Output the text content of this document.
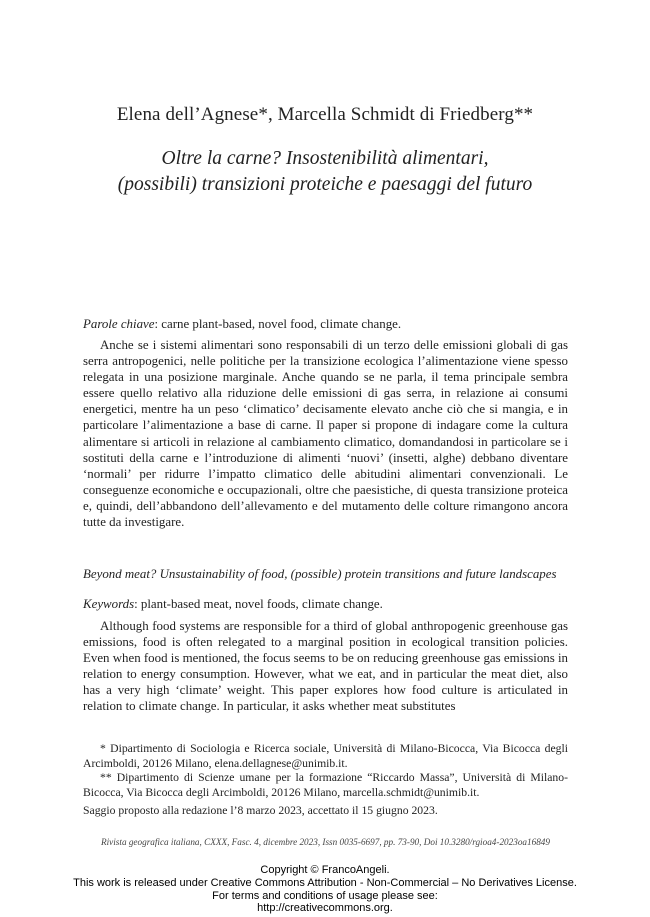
Elena dell’Agnese*, Marcella Schmidt di Friedberg**
Oltre la carne? Insostenibilità alimentari,
(possibili) transizioni proteiche e paesaggi del futuro
Parole chiave: carne plant-based, novel food, climate change.

Anche se i sistemi alimentari sono responsabili di un terzo delle emissioni globali di gas serra antropogenici, nelle politiche per la transizione ecologica l’alimentazione viene spesso relegata in una posizione marginale. Anche quando se ne parla, il tema principale sembra essere quello relativo alla riduzione delle emissioni di gas serra, in relazione ai consumi energetici, mentre ha un peso ‘climatico’ decisamente elevato anche ciò che si mangia, e in particolare l’alimentazione a base di carne. Il paper si propone di indagare come la cultura alimentare si articoli in relazione al cambiamento climatico, domandandosi in particolare se i sostituti della carne e l’introduzione di alimenti ‘nuovi’ (insetti, alghe) debbano diventare ‘normali’ per ridurre l’impatto climatico delle abitudini alimentari convenzionali. Le conseguenze economiche e occupazionali, oltre che paesistiche, di questa transizione proteica e, quindi, dell’abbandono dell’allevamento e del mutamento delle colture rimangono ancora tutte da investigare.

Beyond meat? Unsustainability of food, (possible) protein transitions and future landscapes
Keywords: plant-based meat, novel foods, climate change.

Although food systems are responsible for a third of global anthropogenic greenhouse gas emissions, food is often relegated to a marginal position in ecological transition policies. Even when food is mentioned, the focus seems to be on reducing greenhouse gas emissions in relation to energy consumption. However, what we eat, and in particular the meat diet, also has a very high ‘climate’ weight. This paper explores how food culture is articulated in relation to climate change. In particular, it asks whether meat substitutes

* Dipartimento di Sociologia e Ricerca sociale, Università di Milano-Bicocca, Via Bicocca degli Arcimboldi, 20126 Milano, elena.dellagnese@unimib.it.

** Dipartimento di Scienze umane per la formazione “Riccardo Massa”, Università di Milano-Bicocca, Via Bicocca degli Arcimboldi, 20126 Milano, marcella.schmidt@unimib.it.

Saggio proposto alla redazione l’8 marzo 2023, accettato il 15 giugno 2023.

Rivista geografica italiana, CXXX, Fasc. 4, dicembre 2023, Issn 0035-6697, pp. 73-90, Doi 10.3280/rgioa4-2023oa16849
Copyright © FrancoAngeli.
This work is released under Creative Commons Attribution - Non-Commercial – No Derivatives License.
For terms and conditions of usage please see:
http://creativecommons.org.
